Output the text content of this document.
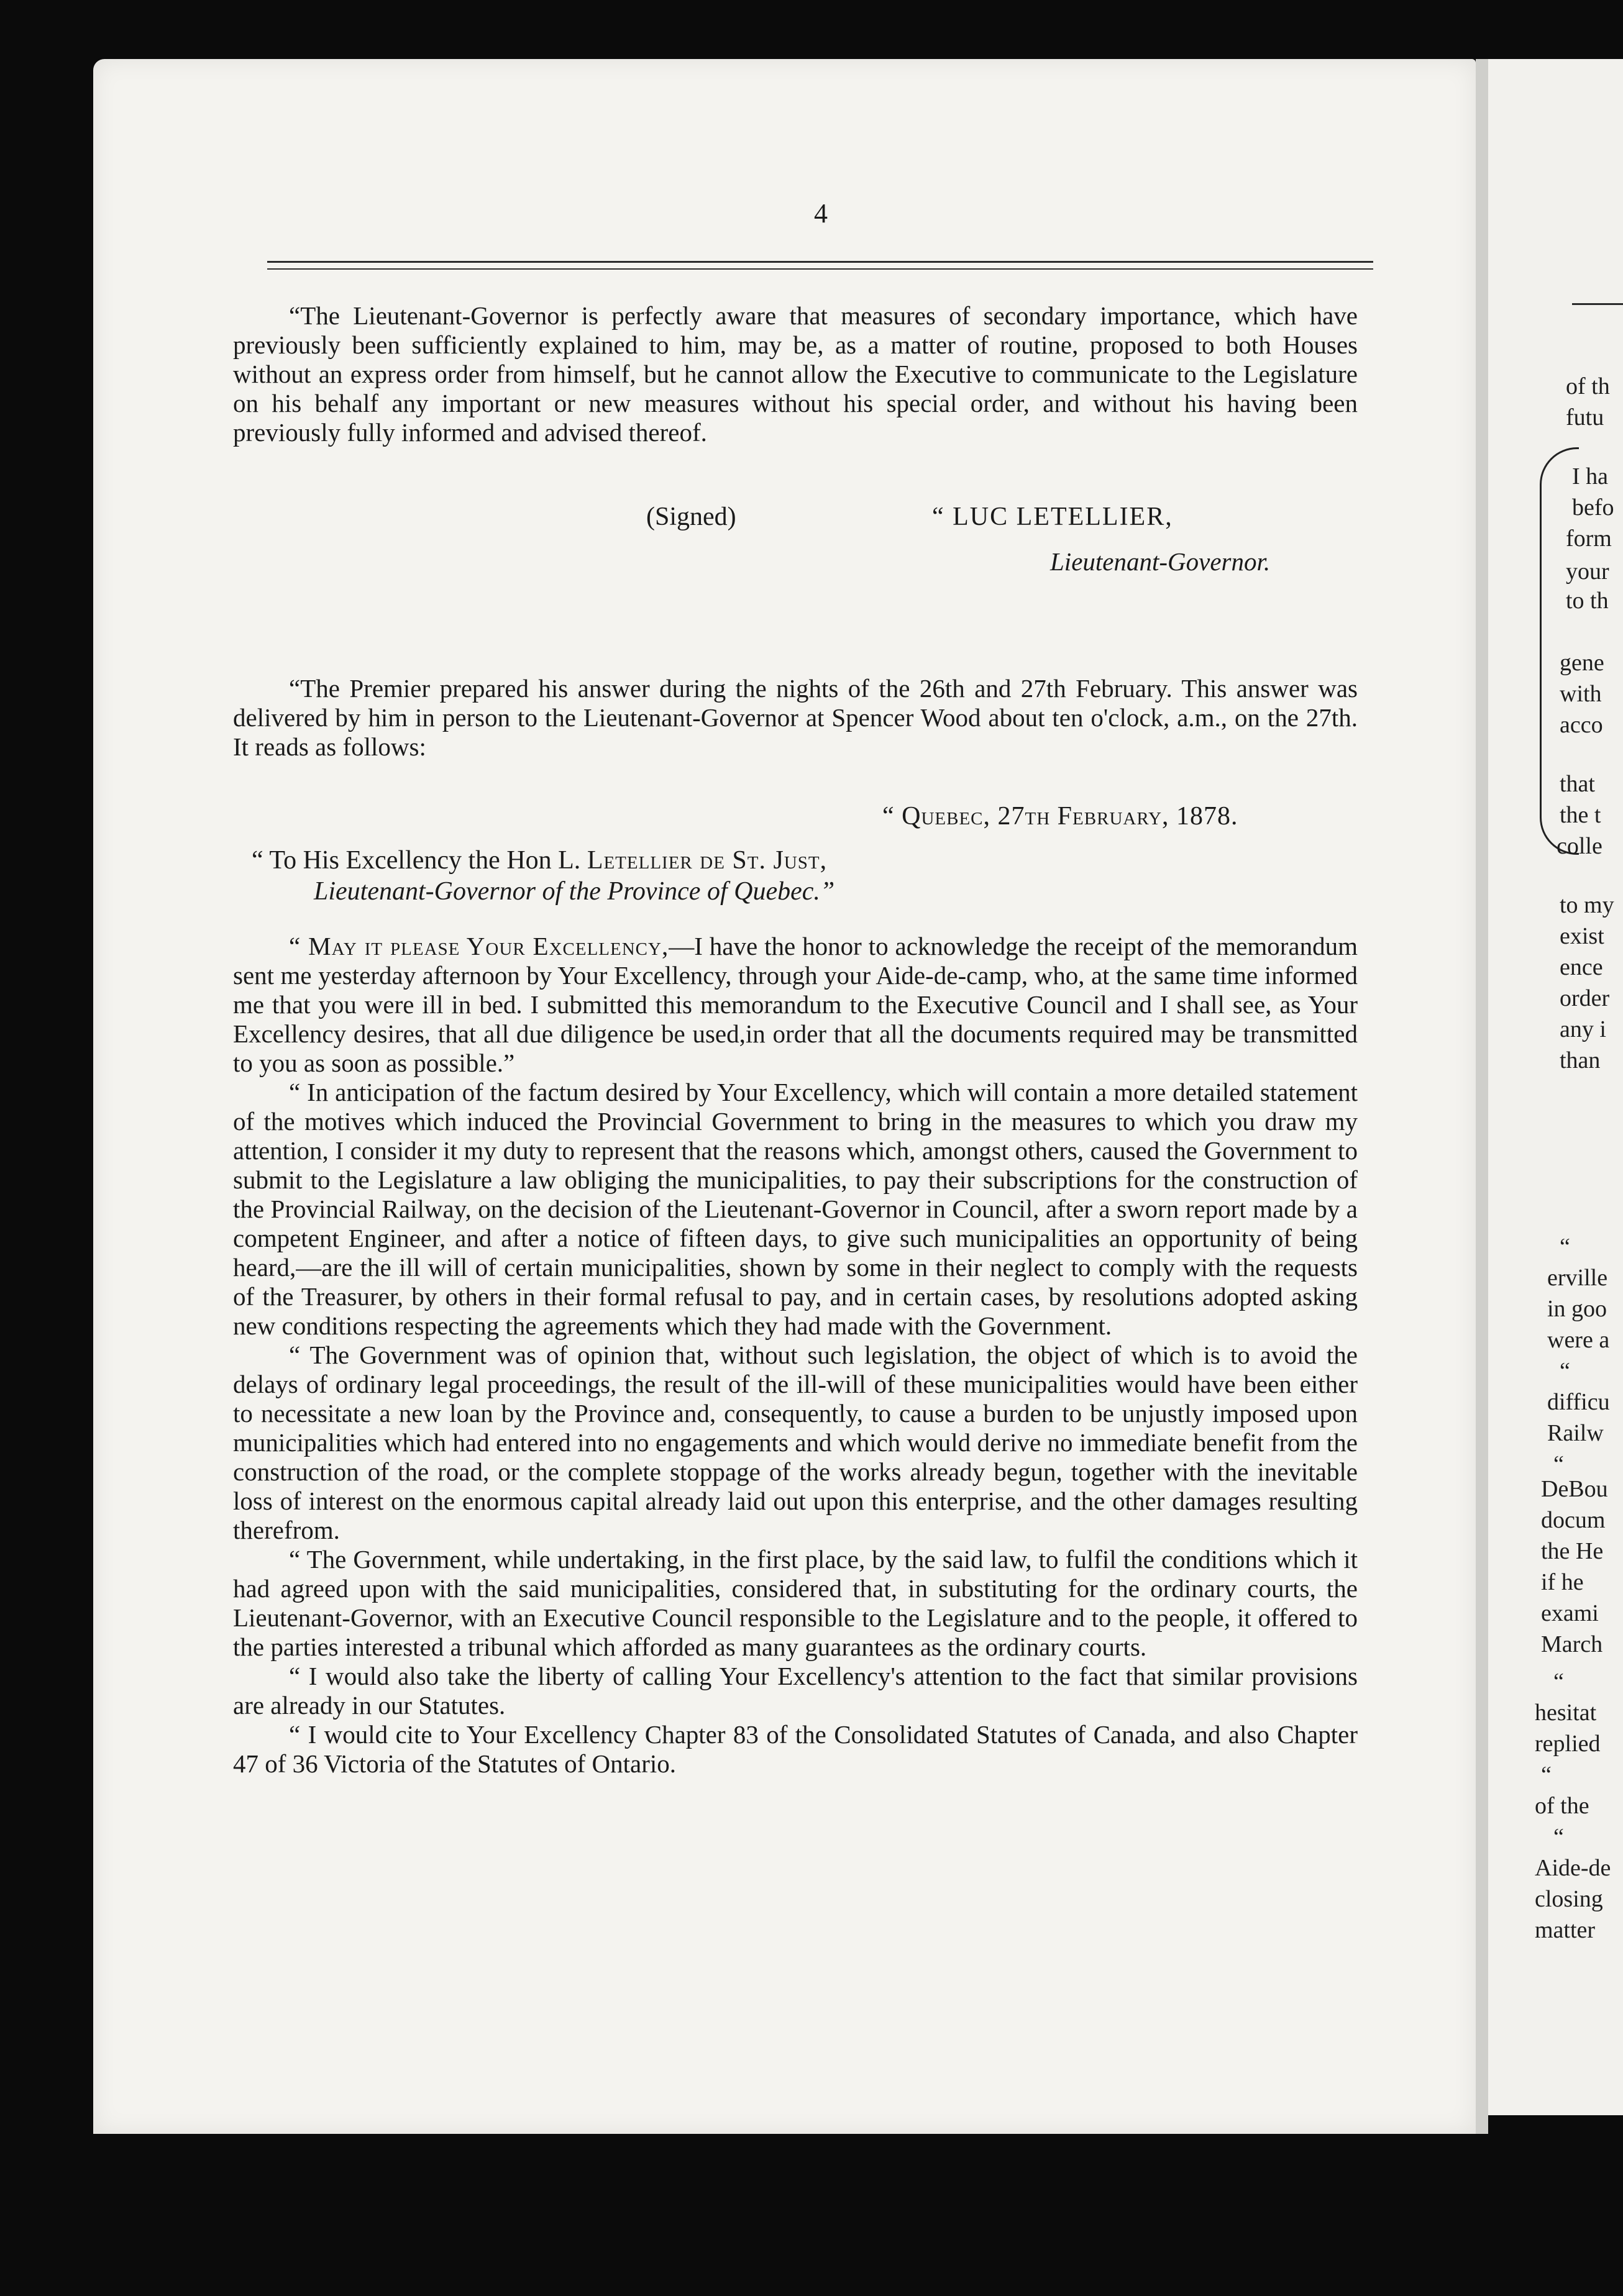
4

“The Lieutenant-Governor is perfectly aware that measures of secondary importance, which have previously been sufficiently explained to him, may be, as a matter of routine, proposed to both Houses without an express order from himself, but he cannot allow the Executive to communicate to the Legislature on his behalf any important or new measures without his special order, and without his having been previously fully informed and advised thereof.

(Signed)	“ LUC LETELLIER,
Lieutenant-Governor.

“The Premier prepared his answer during the nights of the 26th and 27th February. This answer was delivered by him in person to the Lieutenant-Governor at Spencer Wood about ten o'clock, a.m., on the 27th. It reads as follows:

“ Quebec, 27th February, 1878.
“ To His Excellency the Hon L. Letellier de St. Just,
Lieutenant-Governor of the Province of Quebec.”

“ May it please Your Excellency,—I have the honor to acknowledge the receipt of the memorandum sent me yesterday afternoon by Your Excellency, through your Aide-de-camp, who, at the same time informed me that you were ill in bed. I submitted this memorandum to the Executive Council and I shall see, as Your Excellency desires, that all due diligence be used,in order that all the documents required may be transmitted to you as soon as possible.”

“ In anticipation of the factum desired by Your Excellency, which will contain a more detailed statement of the motives which induced the Provincial Government to bring in the measures to which you draw my attention, I consider it my duty to represent that the reasons which, amongst others, caused the Government to submit to the Legislature a law obliging the municipalities, to pay their subscriptions for the construction of the Provincial Railway, on the decision of the Lieutenant-Governor in Council, after a sworn report made by a competent Engineer, and after a notice of fifteen days, to give such municipalities an opportunity of being heard,—are the ill will of certain municipalities, shown by some in their neglect to comply with the requests of the Treasurer, by others in their formal refusal to pay, and in certain cases, by resolutions adopted asking new conditions respecting the agreements which they had made with the Government.

“ The Government was of opinion that, without such legislation, the object of which is to avoid the delays of ordinary legal proceedings, the result of the ill-will of these municipalities would have been either to necessitate a new loan by the Province and, consequently, to cause a burden to be unjustly imposed upon municipalities which had entered into no engagements and which would derive no immediate benefit from the construction of the road, or the complete stoppage of the works already begun, together with the inevitable loss of interest on the enormous capital already laid out upon this enterprise, and the other damages resulting therefrom.

“ The Government, while undertaking, in the first place, by the said law, to fulfil the conditions which it had agreed upon with the said municipalities, considered that, in substituting for the ordinary courts, the Lieutenant-Governor, with an Executive Council responsible to the Legislature and to the people, it offered to the parties interested a tribunal which afforded as many guarantees as the ordinary courts.

“ I would also take the liberty of calling Your Excellency's attention to the fact that similar provisions are already in our Statutes.

“ I would cite to Your Excellency Chapter 83 of the Consolidated Statutes of Canada, and also Chapter 47 of 36 Victoria of the Statutes of Ontario.

of th
futu
I ha
befo
form
your
to th
gene
with
acco
that
the t
colle
to my
exist
ence
order
any i
than
“
erville
in goo
were a
“
difficu
Railw
“
DeBou
docum
the He
if he
exami
March
“
hesitat
replied
“
of the
“
Aide-de
closing
matter
